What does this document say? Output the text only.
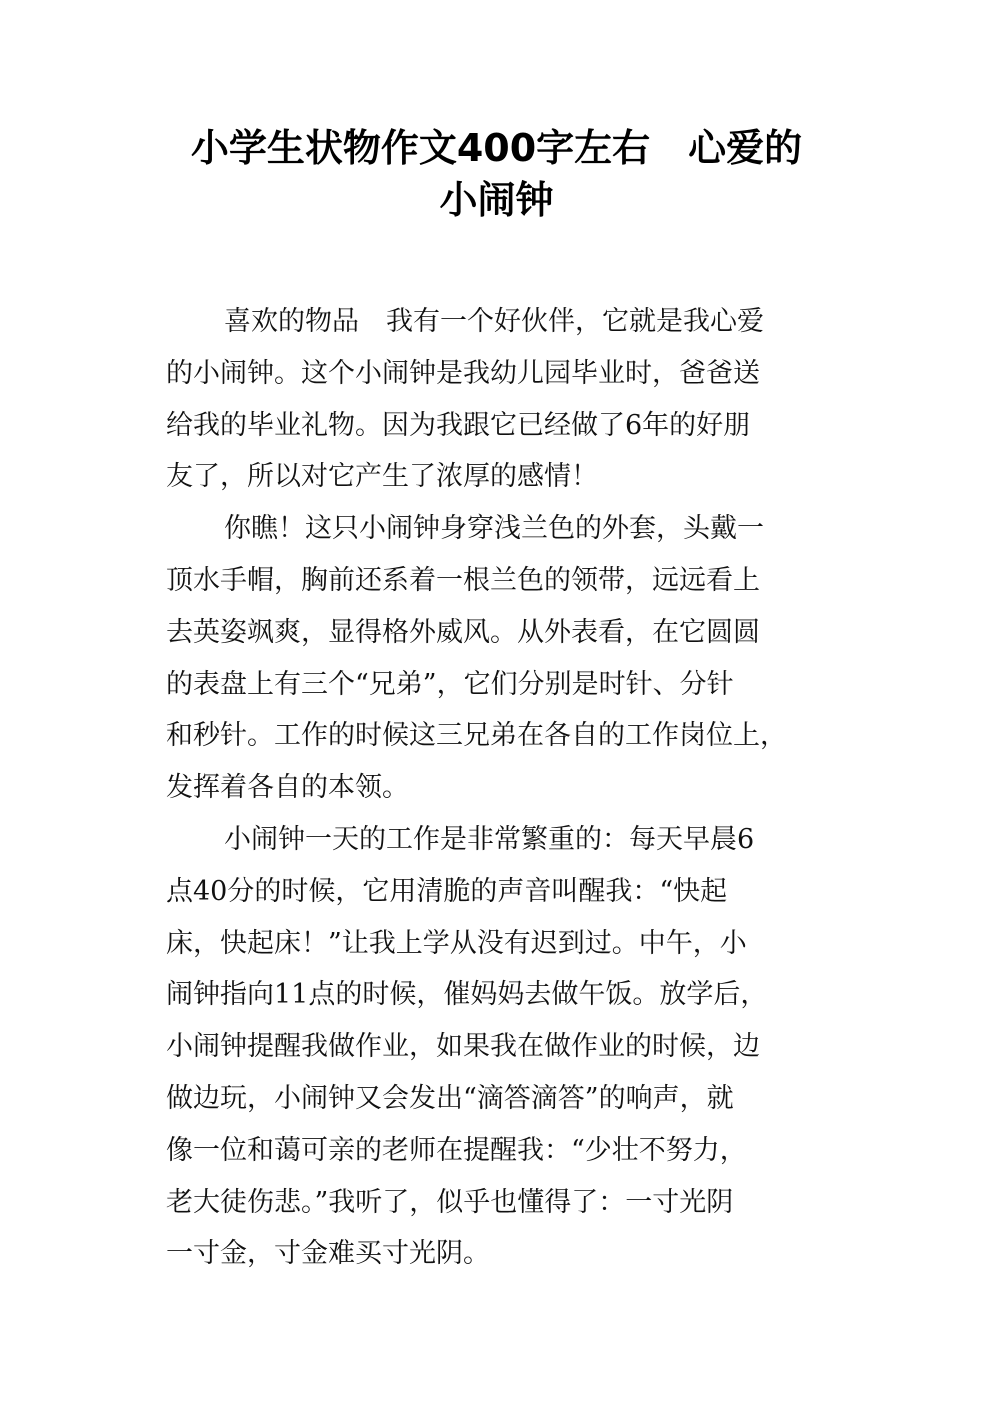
小学生状物作文400字左右　心爱的
小闹钟
喜欢的物品　我有一个好伙伴，它就是我心爱
的小闹钟。这个小闹钟是我幼儿园毕业时，爸爸送
给我的毕业礼物。因为我跟它已经做了6年的好朋
友了，所以对它产生了浓厚的感情！
你瞧！这只小闹钟身穿浅兰色的外套，头戴一
顶水手帽，胸前还系着一根兰色的领带，远远看上
去英姿飒爽，显得格外威风。从外表看，在它圆圆
的表盘上有三个“兄弟”，它们分别是时针、分针
和秒针。工作的时候这三兄弟在各自的工作岗位上，
发挥着各自的本领。
小闹钟一天的工作是非常繁重的：每天早晨6
点40分的时候，它用清脆的声音叫醒我：“快起
床，快起床！”让我上学从没有迟到过。中午，小
闹钟指向11点的时候，催妈妈去做午饭。放学后，
小闹钟提醒我做作业，如果我在做作业的时候，边
做边玩，小闹钟又会发出“滴答滴答”的响声，就
像一位和蔼可亲的老师在提醒我：“少壮不努力，
老大徒伤悲。”我听了，似乎也懂得了：一寸光阴
一寸金，寸金难买寸光阴。
